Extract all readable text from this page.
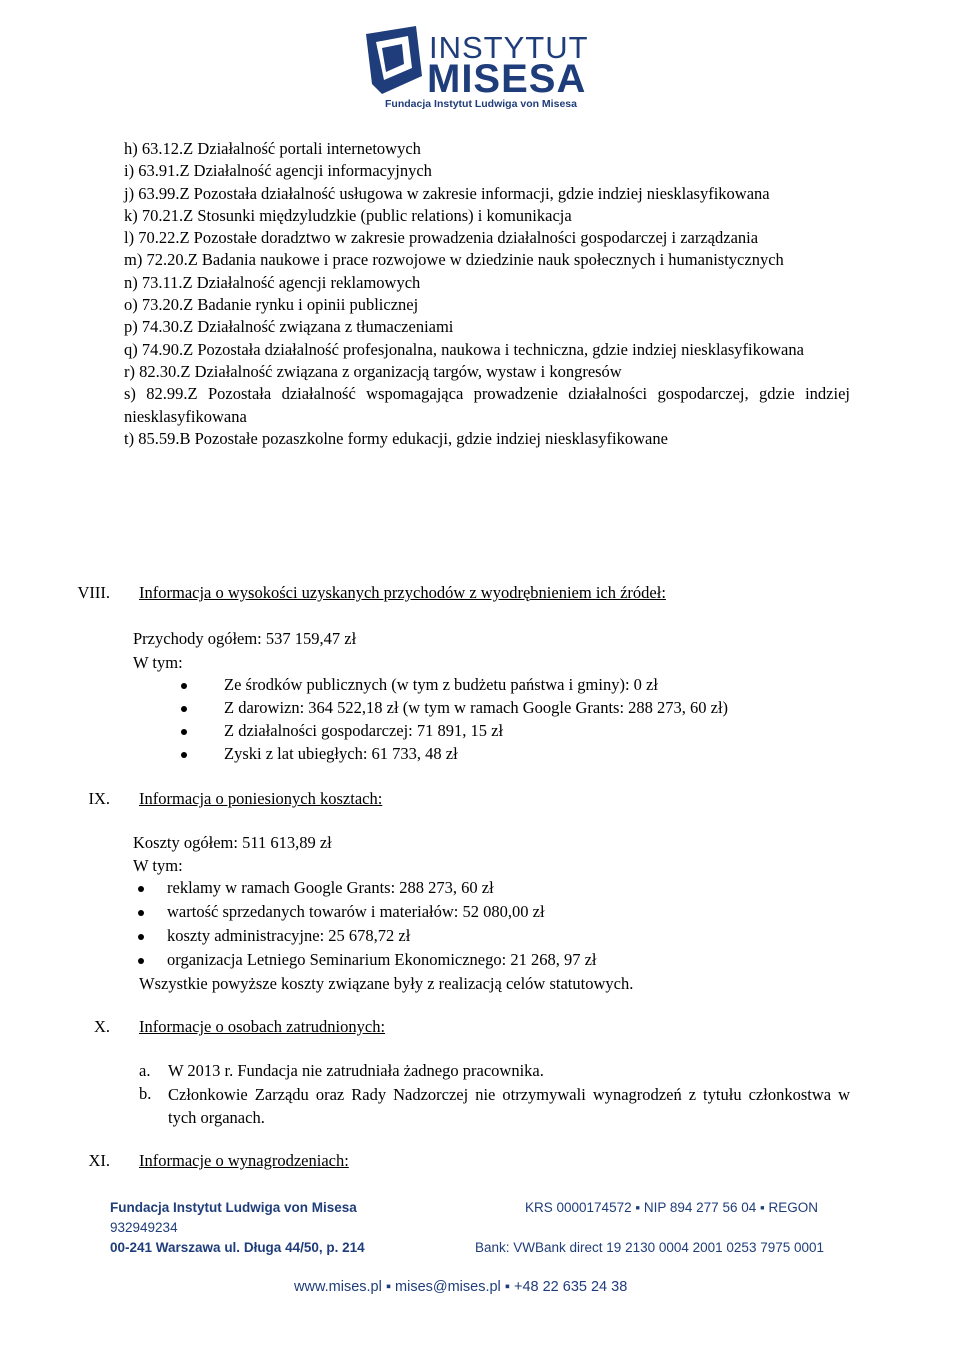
INSTYTUT
MISESA
Fundacja Instytut Ludwiga von Misesa

h) 63.12.Z Działalność portali internetowych

i) 63.91.Z Działalność agencji informacyjnych

j) 63.99.Z Pozostała działalność usługowa w zakresie informacji, gdzie indziej niesklasyfikowana

k) 70.21.Z Stosunki międzyludzkie (public relations) i komunikacja

l) 70.22.Z Pozostałe doradztwo w zakresie prowadzenia działalności gospodarczej i zarządzania

m) 72.20.Z Badania naukowe i prace rozwojowe w dziedzinie nauk społecznych i humanistycznych

n) 73.11.Z Działalność agencji reklamowych

o) 73.20.Z Badanie rynku i opinii publicznej

p) 74.30.Z Działalność związana z tłumaczeniami

q) 74.90.Z Pozostała działalność profesjonalna, naukowa i techniczna, gdzie indziej niesklasyfikowana

r) 82.30.Z Działalność związana z organizacją targów, wystaw i kongresów

s) 82.99.Z Pozostała działalność wspomagająca prowadzenie działalności gospodarczej, gdzie indziej niesklasyfikowana

t) 85.59.B Pozostałe pozaszkolne formy edukacji, gdzie indziej niesklasyfikowane

VIII. Informacja o wysokości uzyskanych przychodów z wyodrębnieniem ich źródeł:
Przychody ogółem: 537 159,47 zł
W tym:
Ze środków publicznych (w tym z budżetu państwa i gminy): 0 zł
Z darowizn: 364 522,18 zł (w tym w ramach Google Grants: 288 273, 60 zł)
Z działalności gospodarczej: 71 891, 15 zł
Zyski z lat ubiegłych: 61 733, 48 zł
IX. Informacja o poniesionych kosztach:
Koszty ogółem: 511 613,89 zł
W tym:
reklamy w ramach Google Grants: 288 273, 60 zł
wartość sprzedanych towarów i materiałów: 52 080,00 zł
koszty administracyjne: 25 678,72 zł
organizacja Letniego Seminarium Ekonomicznego: 21 268, 97 zł
Wszystkie powyższe koszty związane były z realizacją celów statutowych.
X. Informacje o osobach zatrudnionych:
a. W 2013 r. Fundacja nie zatrudniała żadnego pracownika.
b. Członkowie Zarządu oraz Rady Nadzorczej nie otrzymywali wynagrodzeń z tytułu członkostwa w tych organach.
XI. Informacje o wynagrodzeniach:
Fundacja Instytut Ludwiga von Misesa
932949234
00-241 Warszawa ul. Długa 44/50, p. 214
KRS 0000174572 ▪ NIP 894 277 56 04 ▪ REGON
Bank: VWBank direct 19 2130 0004 2001 0253 7975 0001
www.mises.pl ▪ mises@mises.pl ▪ +48 22 635 24 38
